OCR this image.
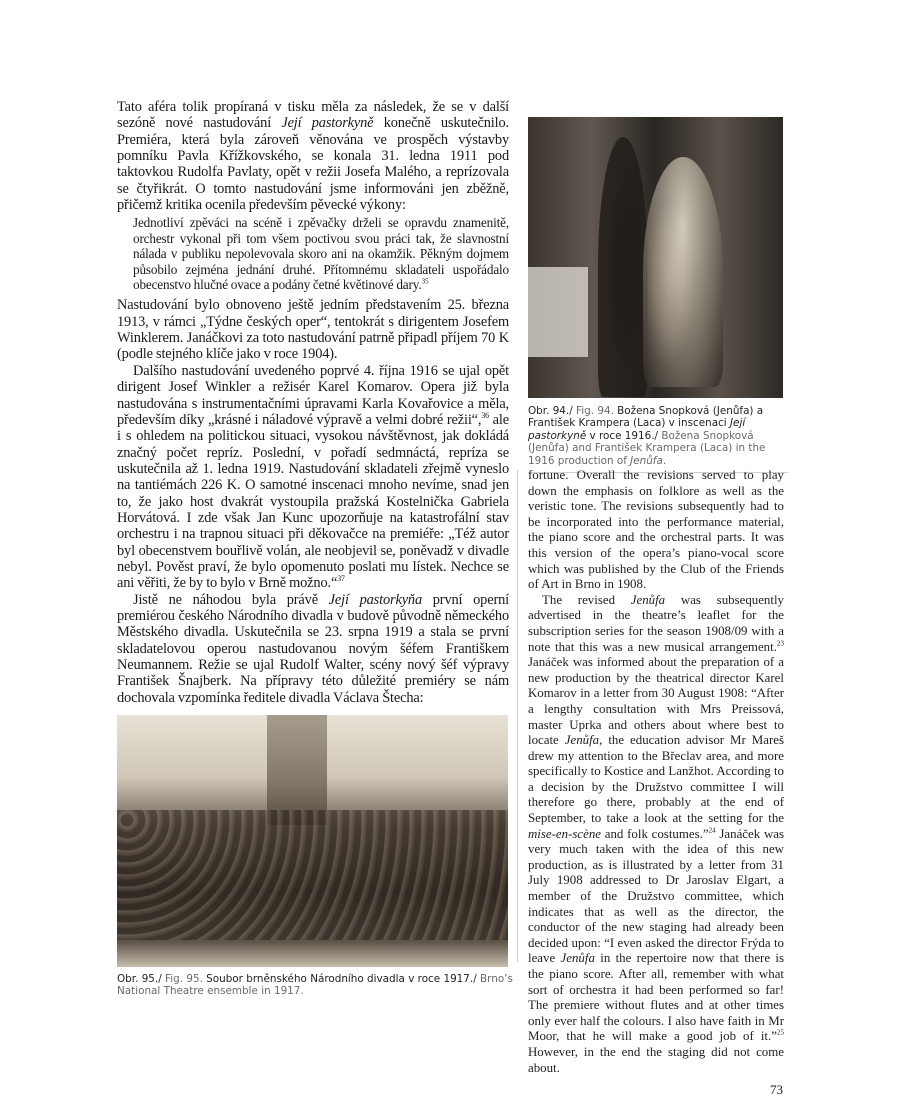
Tato aféra tolik propíraná v tisku měla za následek, že se v další sezóně nové nastudování Její pastorkyně konečně uskutečnilo. Premiéra, která byla zároveň věnována ve prospěch výstavby pomníku Pavla Křížkovského, se konala 31. ledna 1911 pod taktovkou Rudolfa Pavlaty, opět v režii Josefa Malého, a reprízovala se čtyřikrát. O tomto nastudování jsme informováni jen zběžně, přičemž kritika ocenila především pěvecké výkony:

Jednotliví zpěváci na scéně i zpěvačky drželi se opravdu znamenitě, orchestr vykonal při tom všem poctivou svou práci tak, že slavnostní nálada v publiku nepolevovala skoro ani na okamžik. Pěkným dojmem působilo zejména jednání druhé. Přítomnému skladateli uspořádalo obecenstvo hlučné ovace a podány četné květinové dary.$^{35}$

Nastudování bylo obnoveno ještě jedním představením 25. března 1913, v rámci „Týdne českých oper“, tentokrát s dirigentem Josefem Winklerem. Janáčkovi za toto nastudování patrně připadl příjem 70 K (podle stejného klíče jako v roce 1904).

Dalšího nastudování uvedeného poprvé 4. října 1916 se ujal opět dirigent Josef Winkler a režisér Karel Komarov. Opera již byla nastudována s instrumentačními úpravami Karla Kovařovice a měla, především díky „krásné i náladové výpravě a velmi dobré režii“,$^{36}$ ale i s ohledem na politickou situaci, vysokou návštěvnost, jak dokládá značný počet repríz. Poslední, v pořadí sedmnáctá, repríza se uskutečnila až 1. ledna 1919. Nastudování skladateli zřejmě vyneslo na tantiémách 226 K. O samotné inscenaci mnoho nevíme, snad jen to, že jako host dvakrát vystoupila pražská Kostelnička Gabriela Horvátová. I zde však Jan Kunc upozorňuje na katastrofální stav orchestru i na trapnou situaci při děkovačce na premiéře: „Též autor byl obecenstvem bouřlivě volán, ale neobjevil se, poněvadž v divadle nebyl. Pověst praví, že bylo opomenuto poslati mu lístek. Nechce se ani věřiti, že by to bylo v Brně možno.“$^{37}$

Jistě ne náhodou byla právě Její pastorkyňa první operní premiérou českého Národního divadla v budově původně německého Městského divadla. Uskutečnila se 23. srpna 1919 a stala se první skladatelovou operou nastudovanou novým šéfem Františkem Neumannem. Režie se ujal Rudolf Walter, scény nový šéf výpravy František Šnajberk. Na přípravy této důležité premiéry se nám dochovala vzpomínka ředitele divadla Václava Štecha:

Obr. 95./ Fig. 95. Soubor brněnského Národního divadla v roce 1917./ Brno’s National Theatre ensemble in 1917.
Obr. 94./ Fig. 94. Božena Snopková (Jenůfa) a František Krampera (Laca) v inscenaci Její pastorkyně v roce 1916./ Božena Snopková (Jenůfa) and František Krampera (Laca) in the 1916 production of Jenůfa.

fortune. Overall the revisions served to play down the emphasis on folklore as well as the veristic tone. The revisions subsequently had to be incorporated into the performance material, the piano score and the orchestral parts. It was this version of the opera’s piano-vocal score which was published by the Club of the Friends of Art in Brno in 1908.

The revised Jenůfa was subsequently advertised in the theatre’s leaflet for the subscription series for the season 1908/09 with a note that this was a new musical arrangement.$^{23}$ Janáček was informed about the preparation of a new production by the theatrical director Karel Komarov in a letter from 30 August 1908: “After a lengthy consultation with Mrs Preissová, master Uprka and others about where best to locate Jenůfa, the education advisor Mr Mareš drew my attention to the Břeclav area, and more specifically to Kostice and Lanžhot. According to a decision by the Družstvo committee I will therefore go there, probably at the end of September, to take a look at the setting for the mise-en-scène and folk costumes.”$^{24}$ Janáček was very much taken with the idea of this new production, as is illustrated by a letter from 31 July 1908 addressed to Dr Jaroslav Elgart, a member of the Družstvo committee, which indicates that as well as the director, the conductor of the new staging had already been decided upon: “I even asked the director Frýda to leave Jenůfa in the repertoire now that there is the piano score. After all, remember with what sort of orchestra it had been performed so far! The premiere without flutes and at other times only ever half the colours. I also have faith in Mr Moor, that he will make a good job of it.”$^{25}$ However, in the end the staging did not come about.

73
